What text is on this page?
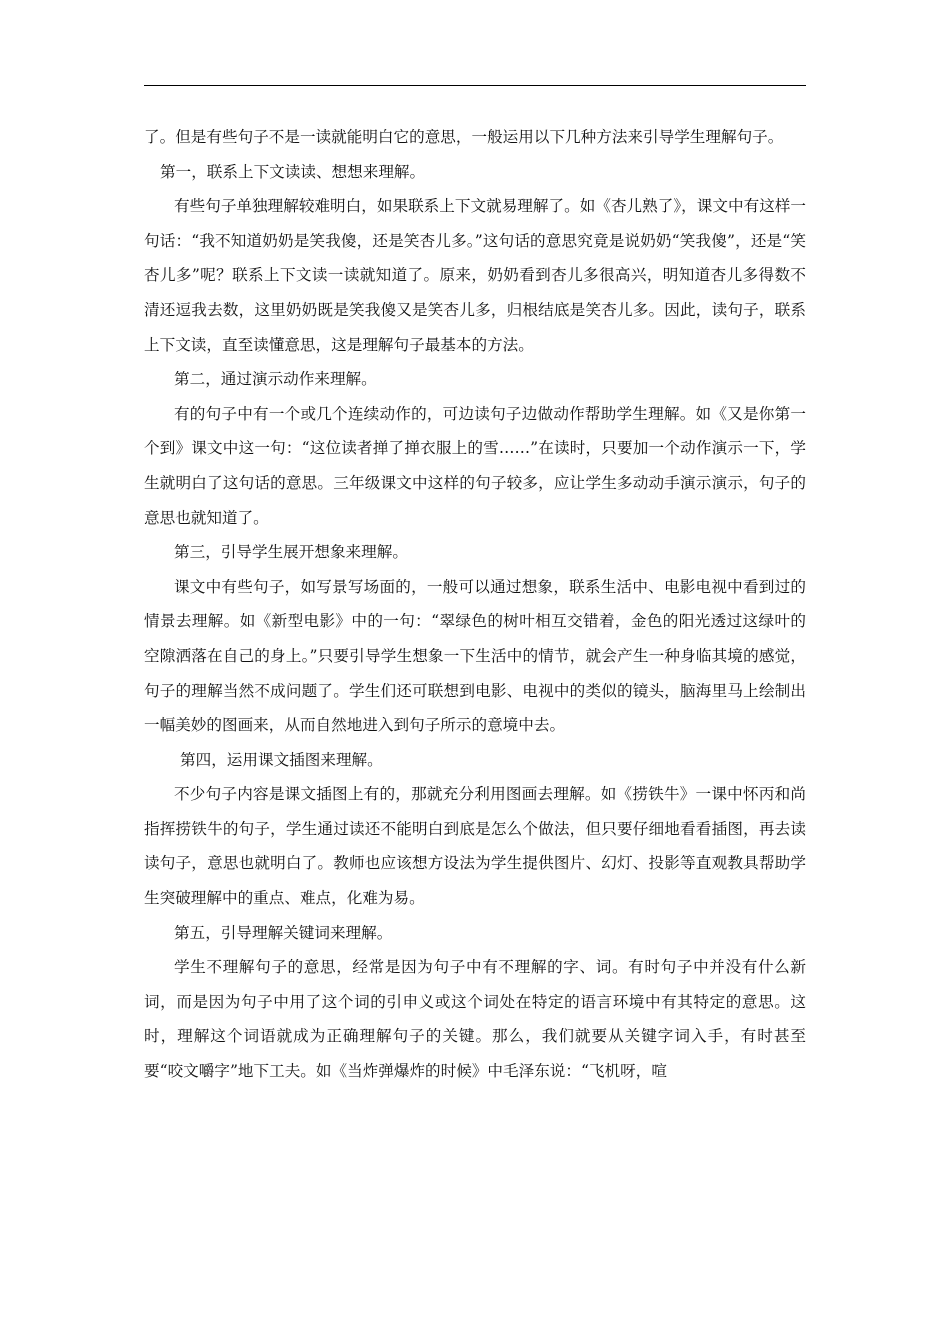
了。但是有些句子不是一读就能明白它的意思，一般运用以下几种方法来引导学生理解句子。

第一，联系上下文读读、想想来理解。

有些句子单独理解较难明白，如果联系上下文就易理解了。如《杏儿熟了》，课文中有这样一句话：“我不知道奶奶是笑我傻，还是笑杏儿多。”这句话的意思究竟是说奶奶“笑我傻”，还是“笑杏儿多”呢？联系上下文读一读就知道了。原来，奶奶看到杏儿多很高兴，明知道杏儿多得数不清还逗我去数，这里奶奶既是笑我傻又是笑杏儿多，归根结底是笑杏儿多。因此，读句子，联系上下文读，直至读懂意思，这是理解句子最基本的方法。

第二，通过演示动作来理解。

有的句子中有一个或几个连续动作的，可边读句子边做动作帮助学生理解。如《又是你第一个到》课文中这一句：“这位读者掸了掸衣服上的雪……”在读时，只要加一个动作演示一下，学生就明白了这句话的意思。三年级课文中这样的句子较多，应让学生多动动手演示演示，句子的意思也就知道了。

第三，引导学生展开想象来理解。

课文中有些句子，如写景写场面的，一般可以通过想象，联系生活中、电影电视中看到过的情景去理解。如《新型电影》中的一句：“翠绿色的树叶相互交错着，金色的阳光透过这绿叶的空隙洒落在自己的身上。”只要引导学生想象一下生活中的情节，就会产生一种身临其境的感觉，句子的理解当然不成问题了。学生们还可联想到电影、电视中的类似的镜头，脑海里马上绘制出一幅美妙的图画来，从而自然地进入到句子所示的意境中去。

第四，运用课文插图来理解。

不少句子内容是课文插图上有的，那就充分利用图画去理解。如《捞铁牛》一课中怀丙和尚指挥捞铁牛的句子，学生通过读还不能明白到底是怎么个做法，但只要仔细地看看插图，再去读读句子，意思也就明白了。教师也应该想方设法为学生提供图片、幻灯、投影等直观教具帮助学生突破理解中的重点、难点，化难为易。

第五，引导理解关键词来理解。

学生不理解句子的意思，经常是因为句子中有不理解的字、词。有时句子中并没有什么新词，而是因为句子中用了这个词的引申义或这个词处在特定的语言环境中有其特定的意思。这时，理解这个词语就成为正确理解句子的关键。那么，我们就要从关键字词入手，有时甚至要“咬文嚼字”地下工夫。如《当炸弹爆炸的时候》中毛泽东说：“飞机呀，喧
